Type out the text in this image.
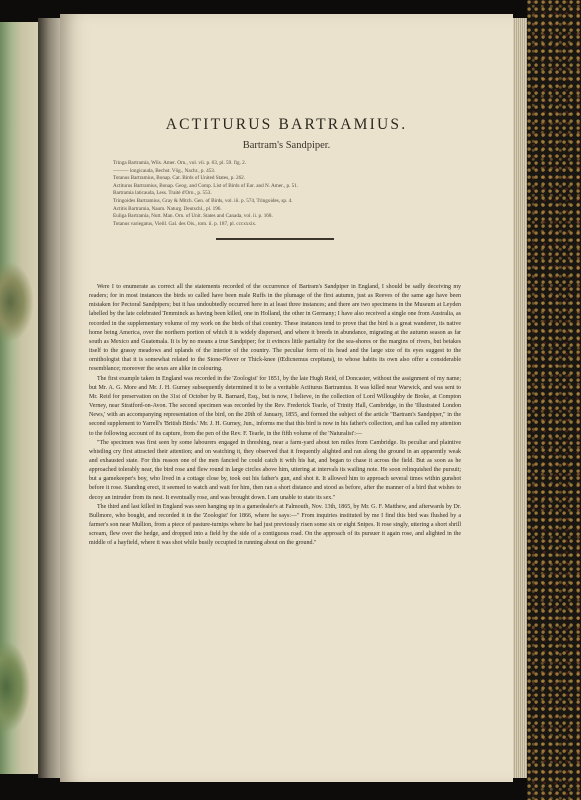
ACTITURUS BARTRAMIUS.
Bartram's Sandpiper.
Tringa Bartramia, Wils. Amer. Orn., vol. vii. p. 63, pl. 59. fig. 2.
——— longicauda, Bechst. Vög., Nachr., p. 453.
Totanus Bartramius, Bonap. Cat. Birds of United States, p. 262.
Actiturus Bartramius, Bonap. Geog. and Comp. List of Birds of Eur. and N. Amer., p. 51.
Bartramia laticauda, Less. Traité d'Orn., p. 553.
Tringoides Bartramius, Gray & Mitch. Gen. of Birds, vol. iii. p. 574, Tringoides, sp. 4.
Actitis Bartramia, Naum. Naturg. Deutschl., pl. 196.
Euliga Bartramia, Nutt. Man. Orn. of Unit. States and Canada, vol. ii. p. 168.
Totanus variegatus, Vieill. Gal. des Ois., tom. ii. p. 187, pl. cccxxxix.

Were I to enumerate as correct all the statements recorded of the occurrence of Bartram's Sandpiper in England, I should be sadly deceiving my readers; for in most instances the birds so called have been male Ruffs in the plumage of the first autumn, just as Reeves of the same age have been mistaken for Pectoral Sandpipers; but it has undoubtedly occurred here in at least three instances; and there are two specimens in the Museum at Leyden labelled by the late celebrated Temminck as having been killed, one in Holland, the other in Germany; I have also received a single one from Australia, as recorded in the supplementary volume of my work on the birds of that country. These instances tend to prove that the bird is a great wanderer, its native home being America, over the northern portion of which it is widely dispersed, and where it breeds in abundance, migrating at the autumn season as far south as Mexico and Guatemala. It is by no means a true Sandpiper; for it evinces little partiality for the sea-shores or the margins of rivers, but betakes itself to the grassy meadows and uplands of the interior of the country. The peculiar form of its head and the large size of its eyes suggest to the ornithologist that it is somewhat related to the Stone-Plover or Thick-knee (Œdicnemus crepitans), to whose habits its own also offer a considerable resemblance; moreover the sexes are alike in colouring.

The first example taken in England was recorded in the 'Zoologist' for 1851, by the late Hugh Reid, of Doncaster, without the assignment of my name; but Mr. A. G. More and Mr. J. H. Gurney subsequently determined it to be a veritable Actiturus Bartramius. It was killed near Warwick, and was sent to Mr. Reid for preservation on the 31st of October by R. Barnard, Esq., but is now, I believe, in the collection of Lord Willoughby de Broke, at Compton Verney, near Stratford-on-Avon. The second specimen was recorded by the Rev. Frederick Tearle, of Trinity Hall, Cambridge, in the 'Illustrated London News,' with an accompanying representation of the bird, on the 20th of January, 1855, and formed the subject of the article "Bartram's Sandpiper," in the second supplement to Yarrell's 'British Birds.' Mr. J. H. Gurney, Jun., informs me that this bird is now in his father's collection, and has called my attention to the following account of its capture, from the pen of the Rev. F. Tearle, in the fifth volume of the 'Naturalist':—

"The specimen was first seen by some labourers engaged in threshing, near a farm-yard about ten miles from Cambridge. Its peculiar and plaintive whistling cry first attracted their attention; and on watching it, they observed that it frequently alighted and ran along the ground in an apparently weak and exhausted state. For this reason one of the men fancied he could catch it with his hat, and began to chase it across the field. But as soon as he approached tolerably near, the bird rose and flew round in large circles above him, uttering at intervals its wailing note. He soon relinquished the pursuit; but a gamekeeper's boy, who lived in a cottage close by, took out his father's gun, and shot it. It allowed him to approach several times within gunshot before it rose. Standing erect, it seemed to watch and wait for him, then ran a short distance and stood as before, after the manner of a bird that wishes to decoy an intruder from its nest. It eventually rose, and was brought down. I am unable to state its sex."

The third and last killed in England was seen hanging up in a gamedealer's at Falmouth, Nov. 13th, 1865, by Mr. G. F. Matthew, and afterwards by Dr. Bullmore, who bought, and recorded it in the 'Zoologist' for 1866, where he says:—" From inquiries instituted by me I find this bird was flushed by a farmer's son near Mullion, from a piece of pasture-turnips where he had just previously risen some six or eight Snipes. It rose singly, uttering a short shrill scream, flew over the hedge, and dropped into a field by the side of a contiguous road. On the approach of its pursuer it again rose, and alighted in the middle of a hayfield, where it was shot while busily occupied in running about on the ground."
